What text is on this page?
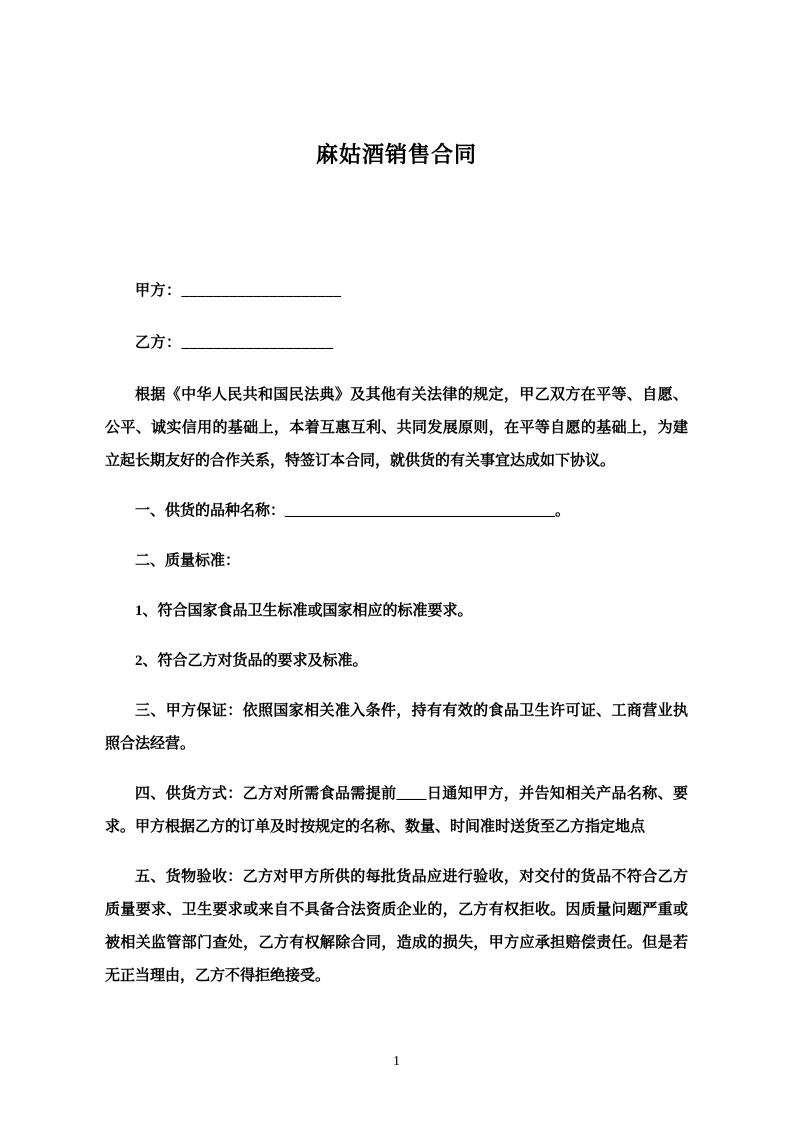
麻姑酒销售合同

甲方：____________________

乙方：___________________

根据《中华人民共和国民法典》及其他有关法律的规定，甲乙双方在平等、自愿、公平、诚实信用的基础上，本着互惠互利、共同发展原则，在平等自愿的基础上，为建立起长期友好的合作关系，特签订本合同，就供货的有关事宜达成如下协议。

一、供货的品种名称：____________________________________。

二、质量标准：

1、符合国家食品卫生标准或国家相应的标准要求。

2、符合乙方对货品的要求及标准。

三、甲方保证：依照国家相关准入条件，持有有效的食品卫生许可证、工商营业执照合法经营。

四、供货方式：乙方对所需食品需提前____日通知甲方，并告知相关产品名称、要求。甲方根据乙方的订单及时按规定的名称、数量、时间准时送货至乙方指定地点

五、货物验收：乙方对甲方所供的每批货品应进行验收，对交付的货品不符合乙方质量要求、卫生要求或来自不具备合法资质企业的，乙方有权拒收。因质量问题严重或被相关监管部门查处，乙方有权解除合同，造成的损失，甲方应承担赔偿责任。但是若无正当理由，乙方不得拒绝接受。

1
